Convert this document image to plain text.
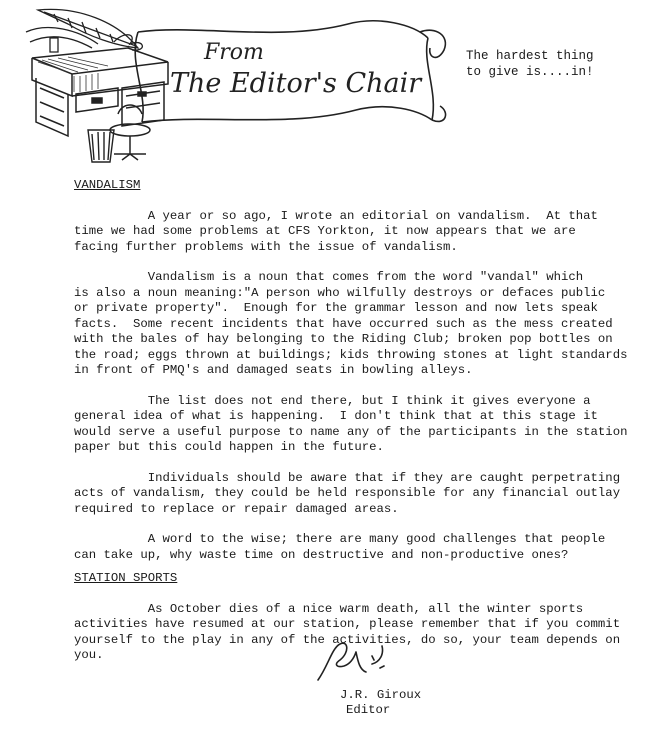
From
The Editor's Chair
The hardest thing
to give is....in!
VANDALISM
A year or so ago, I wrote an editorial on vandalism.  At that
time we had some problems at CFS Yorkton, it now appears that we are
facing further problems with the issue of vandalism.
Vandalism is a noun that comes from the word "vandal" which
is also a noun meaning:"A person who wilfully destroys or defaces public
or private property".  Enough for the grammar lesson and now lets speak
facts.  Some recent incidents that have occurred such as the mess created
with the bales of hay belonging to the Riding Club; broken pop bottles on
the road; eggs thrown at buildings; kids throwing stones at light standards
in front of PMQ's and damaged seats in bowling alleys.
The list does not end there, but I think it gives everyone a
general idea of what is happening.  I don't think that at this stage it
would serve a useful purpose to name any of the participants in the station
paper but this could happen in the future.
Individuals should be aware that if they are caught perpetrating
acts of vandalism, they could be held responsible for any financial outlay
required to replace or repair damaged areas.
A word to the wise; there are many good challenges that people
can take up, why waste time on destructive and non-productive ones?
STATION SPORTS
As October dies of a nice warm death, all the winter sports
activities have resumed at our station, please remember that if you commit
yourself to the play in any of the activities, do so, your team depends on
you.
J.R. Giroux
Editor
